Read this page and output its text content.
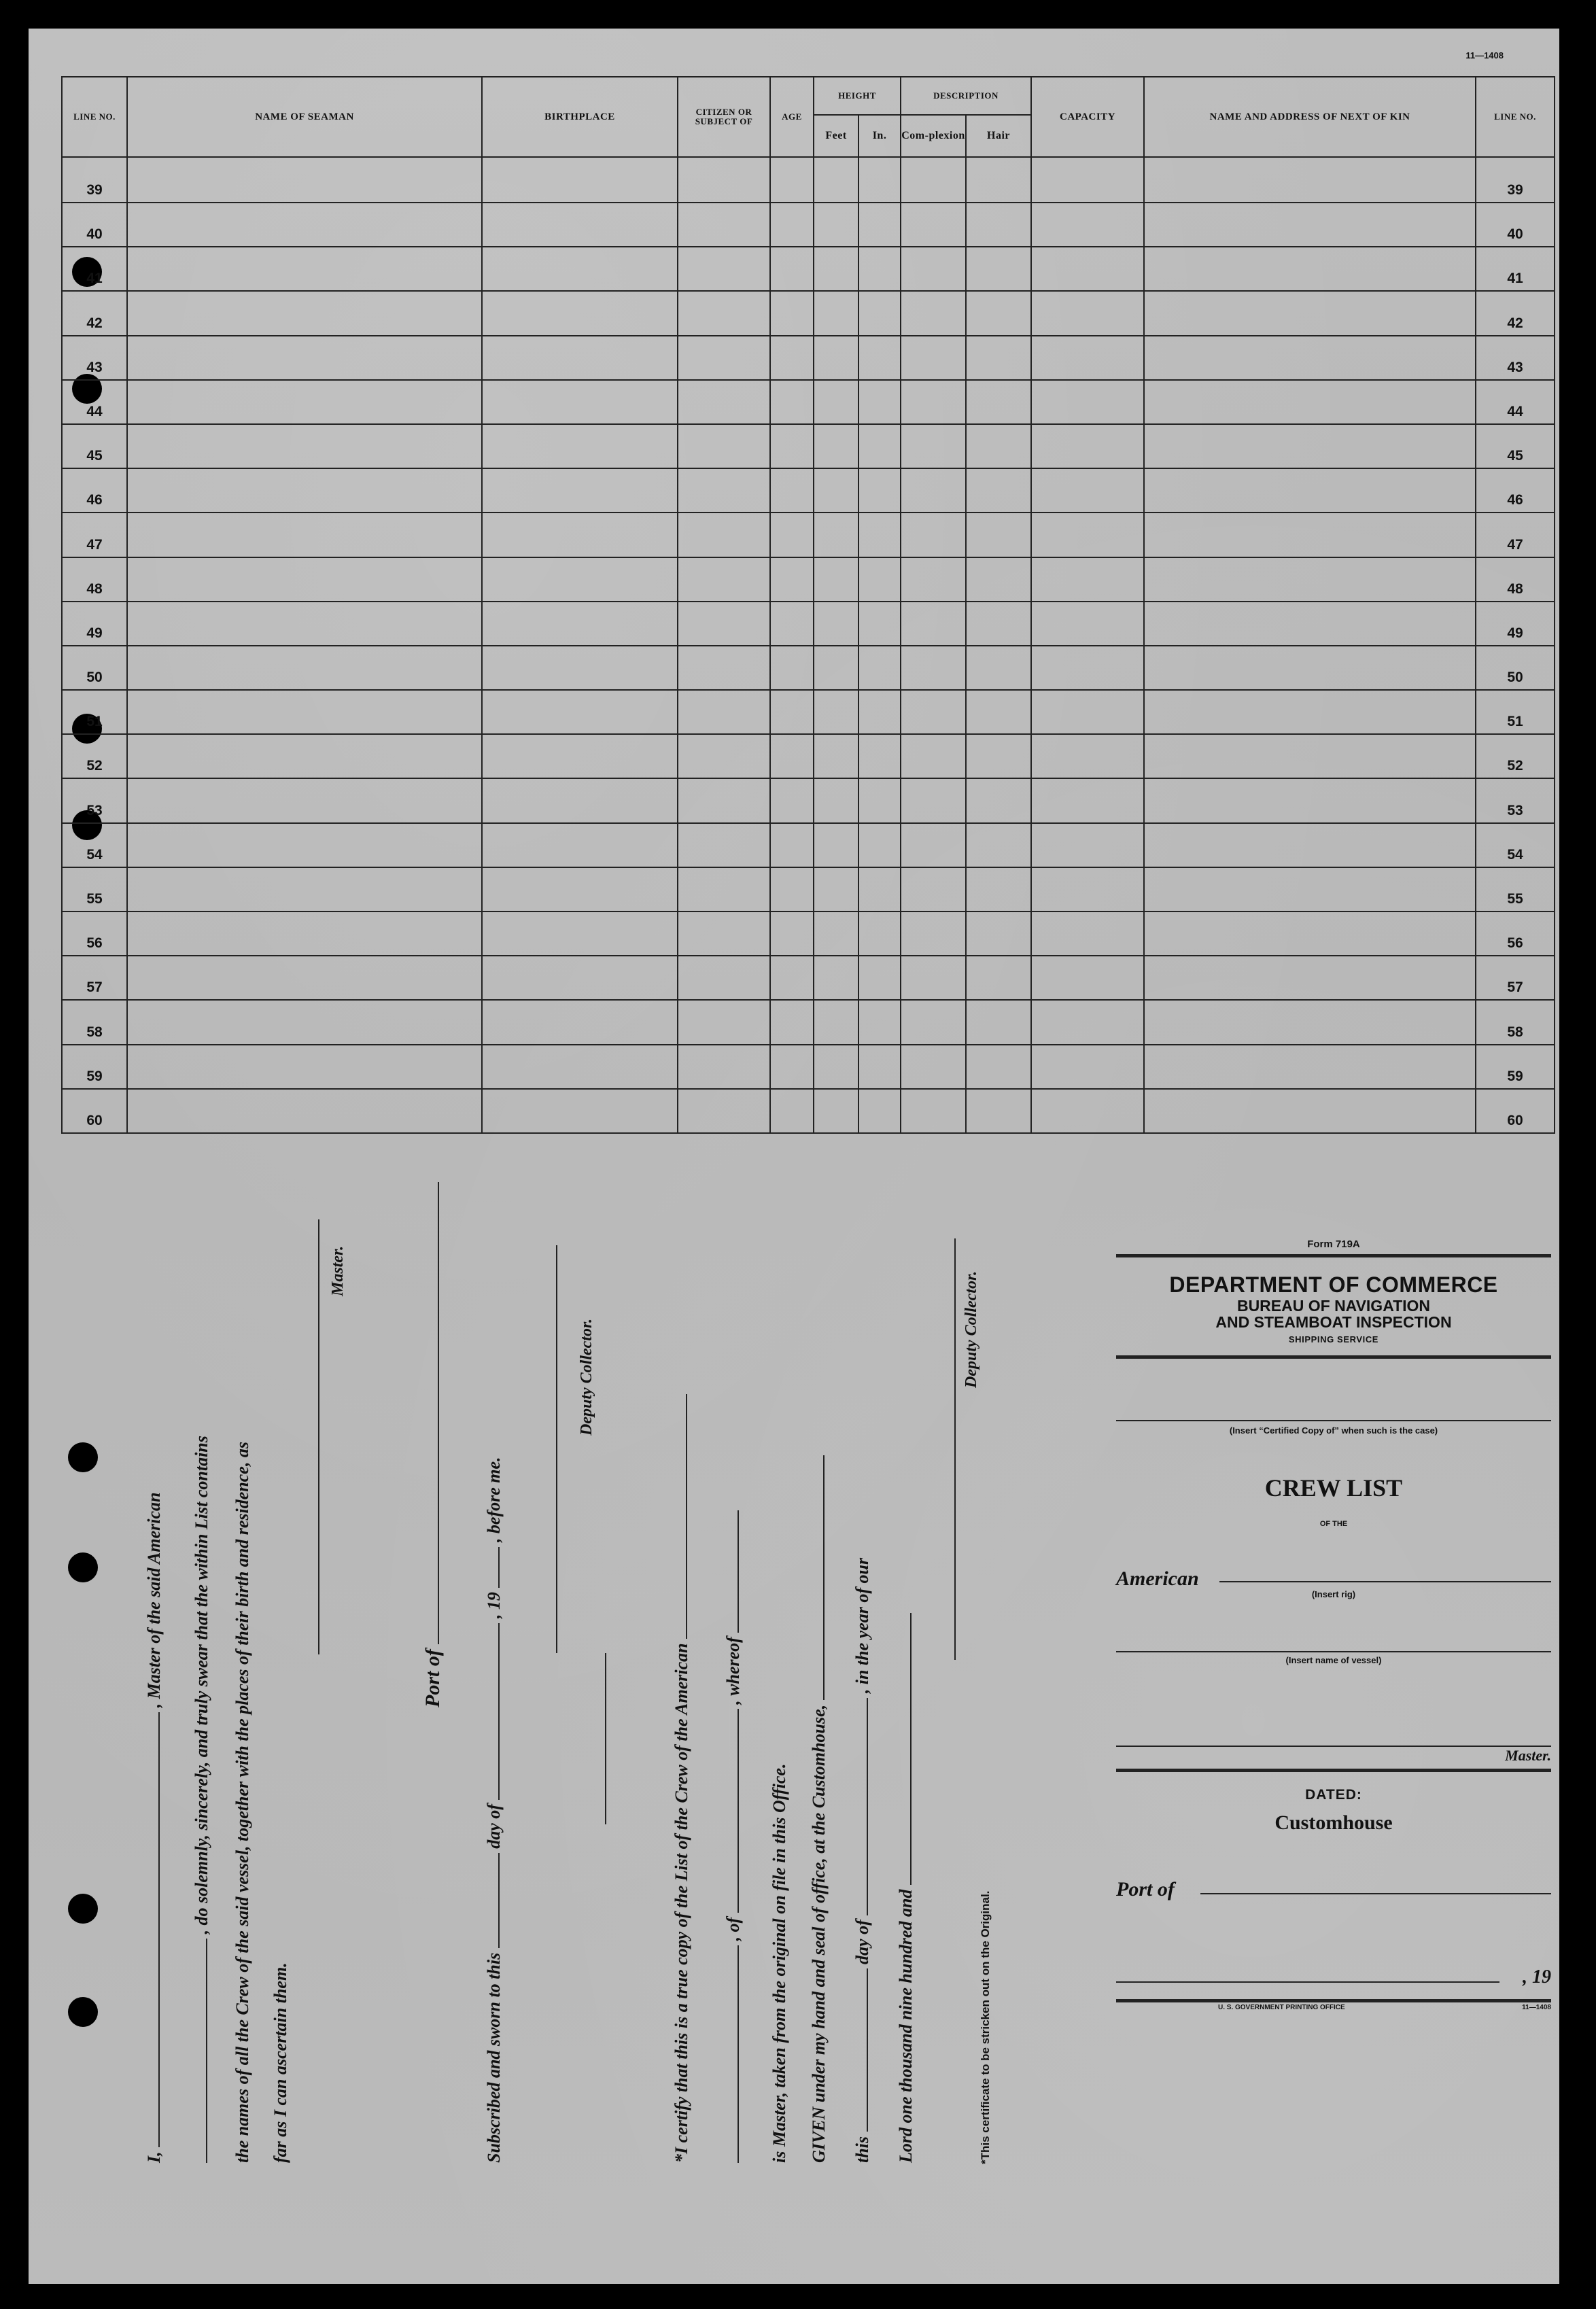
11—1408
LINE NO.	NAME OF SEAMAN	BIRTHPLACE	CITIZEN OR SUBJECT OF	AGE	HEIGHT		DESCRIPTION		CAPACITY	NAME AND ADDRESS OF NEXT OF KIN	LINE NO.
					Feet	In.	Com-plexion	Hair			
39											39
40											40
41											41
42											42
43											43
44											44
45											45
46											46
47											47
48											48
49											49
50											50
51											51
52											52
53											53
54											54
55											55
56											56
57											57
58											58
59											59
60											60
I,  , Master of the said American , do solemnly, sincerely, and truly swear that the within List contains the names of all the Crew of the said vessel, together with the places of their birth and residence, as far as I can ascertain them.
Master.
Port of
Subscribed and sworn to this  day of  , 19  , before me.
Deputy Collector.
*I certify that this is a true copy of the List of the Crew of the American , of  , whereof
is Master, taken from the original on file in this Office. GIVEN under my hand and seal of office, at the Customhouse, this  day of  , in the year of our
Lord one thousand nine hundred and
Deputy Collector.
*This certificate to be stricken out on the Original.
Form 719A
DEPARTMENT OF COMMERCE
BUREAU OF NAVIGATION
AND STEAMBOAT INSPECTION
SHIPPING SERVICE
(Insert “Certified Copy of” when such is the case)
CREW LIST
OF THE
American
(Insert rig)
(Insert name of vessel)
Master.
DATED:
Customhouse
Port of
, 19
U. S. GOVERNMENT PRINTING OFFICE	11—1408
